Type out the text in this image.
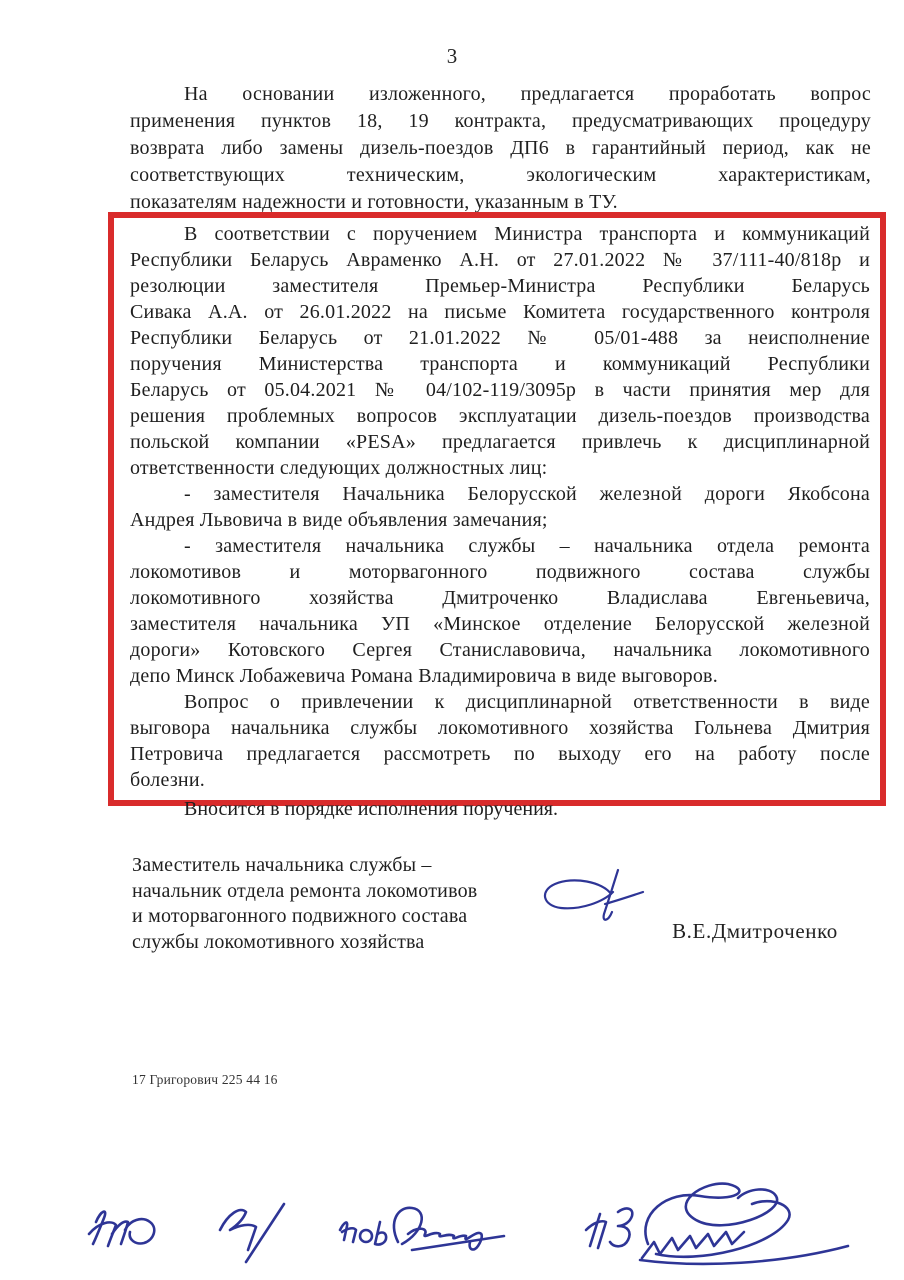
3
На основании изложенного, предлагается проработать вопрос
применения пунктов 18, 19 контракта, предусматривающих процедуру
возврата либо замены дизель-поездов ДП6 в гарантийный период, как не
соответствующих техническим, экологическим характеристикам,
показателям надежности и готовности, указанным в ТУ.
В соответствии с поручением Министра транспорта и коммуникаций
Республики Беларусь Авраменко А.Н. от 27.01.2022 № 37/111-40/818р и
резолюции заместителя Премьер-Министра Республики Беларусь
Сивака А.А. от 26.01.2022 на письме Комитета государственного контроля
Республики Беларусь от 21.01.2022 № 05/01-488 за неисполнение
поручения Министерства транспорта и коммуникаций Республики
Беларусь от 05.04.2021 № 04/102-119/3095р в части принятия мер для
решения проблемных вопросов эксплуатации дизель-поездов производства
польской компании «PESA» предлагается привлечь к дисциплинарной
ответственности следующих должностных лиц:
- заместителя Начальника Белорусской железной дороги Якобсона
Андрея Львовича в виде объявления замечания;
- заместителя начальника службы – начальника отдела ремонта
локомотивов и моторвагонного подвижного состава службы
локомотивного хозяйства Дмитроченко Владислава Евгеньевича,
заместителя начальника УП «Минское отделение Белорусской железной
дороги» Котовского Сергея Станиславовича, начальника локомотивного
депо Минск Лобажевича Романа Владимировича в виде выговоров.
Вопрос о привлечении к дисциплинарной ответственности в виде
выговора начальника службы локомотивного хозяйства Гольнева Дмитрия
Петровича предлагается рассмотреть по выходу его на работу после
болезни.
Вносится в порядке исполнения поручения.
Заместитель начальника службы –
начальник отдела ремонта локомотивов
и моторвагонного подвижного состава
службы локомотивного хозяйства	В.Е.Дмитроченко
17 Григорович 225 44 16
